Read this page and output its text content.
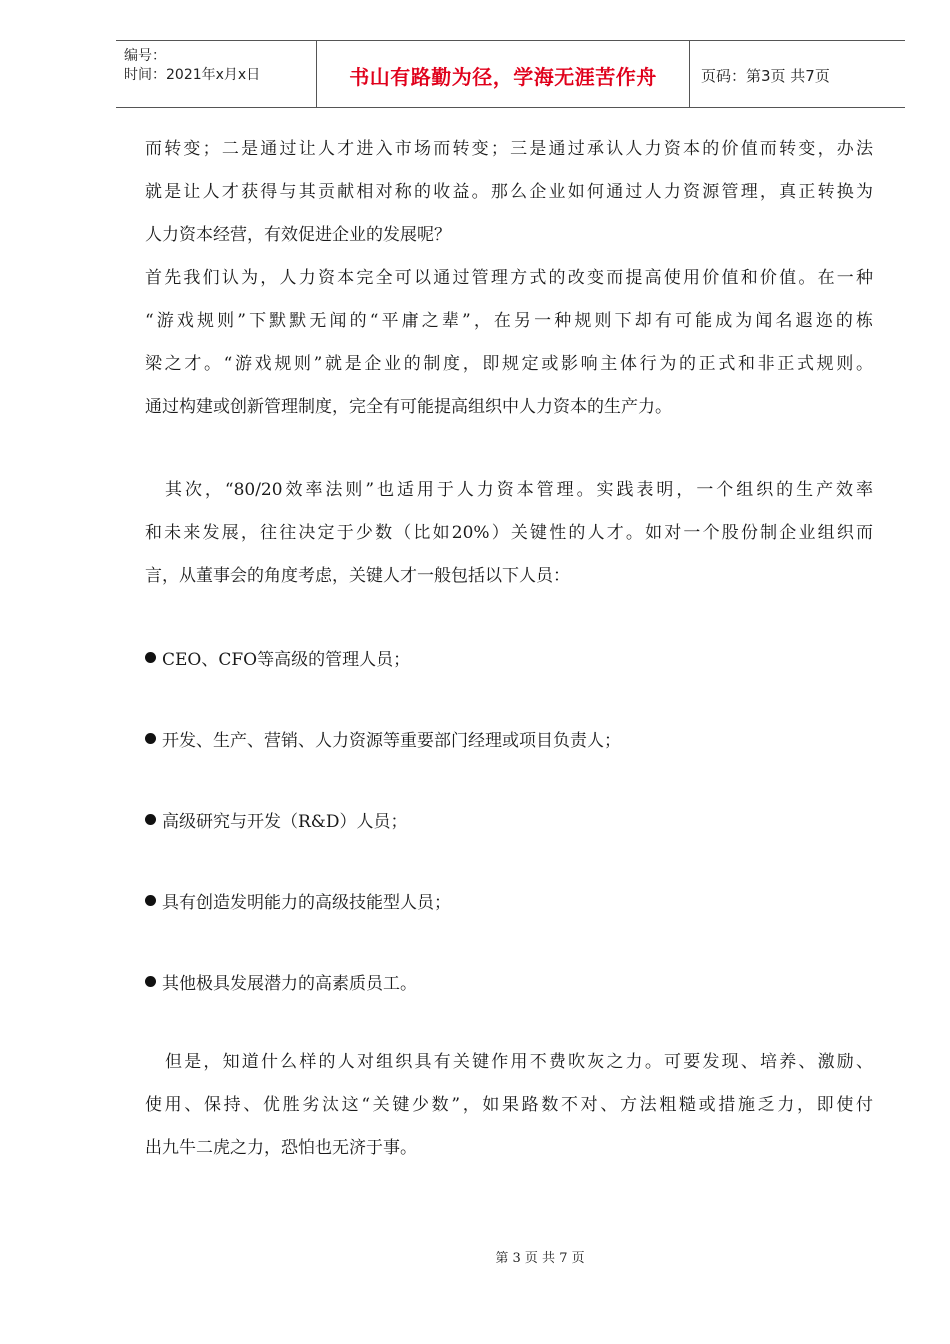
编号：
时间：2021年x月x日	书山有路勤为径，学海无涯苦作舟	页码：第3页 共7页
而转变；二是通过让人才进入市场而转变；三是通过承认人力资本的价值而转变，办法
就是让人才获得与其贡献相对称的收益。那么企业如何通过人力资源管理，真正转换为
人力资本经营，有效促进企业的发展呢？
首先我们认为，人力资本完全可以通过管理方式的改变而提高使用价值和价值。在一种
“游戏规则”下默默无闻的“平庸之辈”，在另一种规则下却有可能成为闻名遐迩的栋
梁之才。“游戏规则”就是企业的制度，即规定或影响主体行为的正式和非正式规则。
通过构建或创新管理制度，完全有可能提高组织中人力资本的生产力。
其次，“80/20效率法则”也适用于人力资本管理。实践表明，一个组织的生产效率
和未来发展，往往决定于少数（比如20%）关键性的人才。如对一个股份制企业组织而
言，从董事会的角度考虑，关键人才一般包括以下人员：
CEO、CFO等高级的管理人员；
开发、生产、营销、人力资源等重要部门经理或项目负责人；
高级研究与开发（R&D）人员；
具有创造发明能力的高级技能型人员；
其他极具发展潜力的高素质员工。
但是，知道什么样的人对组织具有关键作用不费吹灰之力。可要发现、培养、激励、
使用、保持、优胜劣汰这“关键少数”，如果路数不对、方法粗糙或措施乏力，即使付
出九牛二虎之力，恐怕也无济于事。
第 3 页 共 7 页
